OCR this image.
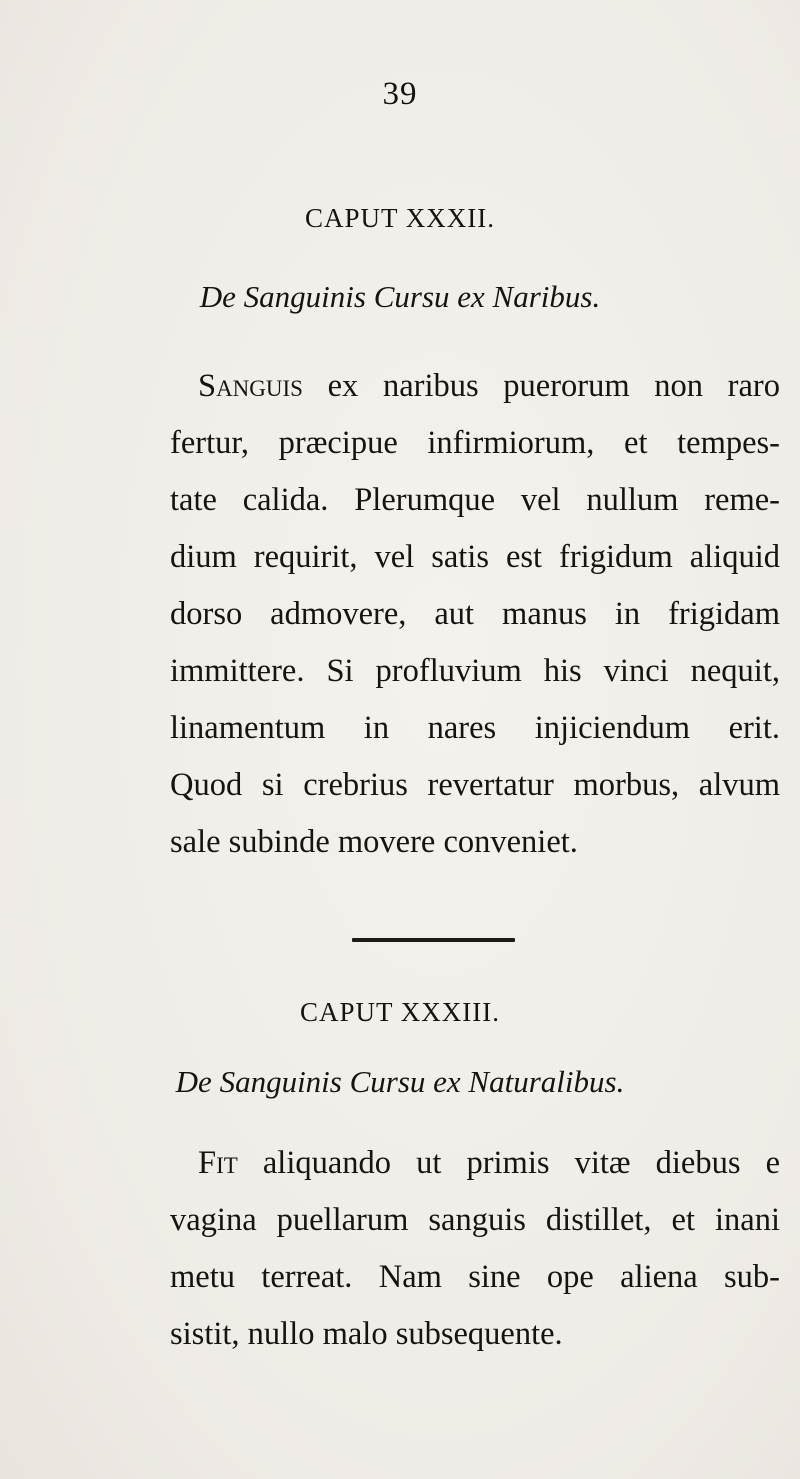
39
CAPUT XXXII.
De Sanguinis Cursu ex Naribus.
Sanguis ex naribus puerorum non raro
fertur, præcipue infirmiorum, et tempes-
tate calida. Plerumque vel nullum reme-
dium requirit, vel satis est frigidum aliquid
dorso admovere, aut manus in frigidam
immittere. Si profluvium his vinci nequit,
linamentum in nares injiciendum erit.
Quod si crebrius revertatur morbus, alvum
sale subinde movere conveniet.
CAPUT XXXIII.
De Sanguinis Cursu ex Naturalibus.
Fit aliquando ut primis vitæ diebus e
vagina puellarum sanguis distillet, et inani
metu terreat. Nam sine ope aliena sub-
sistit, nullo malo subsequente.
